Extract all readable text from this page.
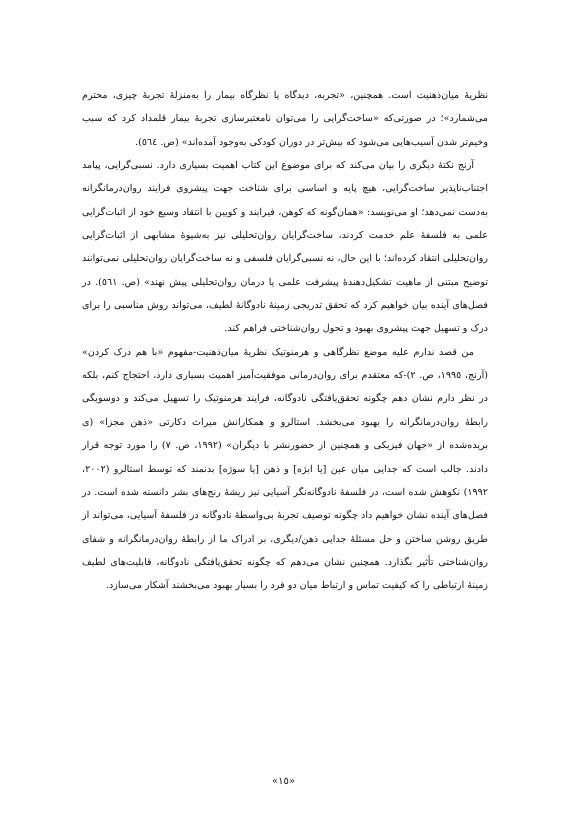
نظریهٔ میان‌ذهنیت است. همچنین، «تجربه، دیدگاه یا نظرگاه بیمار را به‌منزلهٔ تجربهٔ چیزی، محترم می‌شمارد»؛ در صورتی‌که «ساخت‌گرایی را می‌توان نامعتبرسازی تجربهٔ بیمار قلمداد کرد که سبب وخیم‌تر شدن آسیب‌هایی می‌شود که بیش‌تر در دوران کودکی به‌وجود آمده‌اند» (ص. ٥٦٤).

آرنج نکتهٔ دیگری را بیان می‌کند که برای موضوع این کتاب اهمیت بسیاری دارد. نسبی‌گرایی، پیامد اجتناب‌ناپذیر ساخت‌گرایی، هیچ پایه و اساسی برای شناخت جهت پیشروی فرایند روان‌درمانگرانه به‌دست نمی‌دهد؛ او می‌نویسد: «همان‌گونه که کوهن، فیرابند و کویین با انتقاد وسیع خود از اثبات‌گرایی علمی به فلسفهٔ علم خدمت کردند، ساخت‌گرایان روان‌تحلیلی نیز به‌شیوهٔ مشابهی از اثبات‌گرایی روان‌تحلیلی انتقاد کرده‌اند؛ با این حال، نه نسبی‌گرایان فلسفی و نه ساخت‌گرایان روان‌تحلیلی نمی‌توانند توضیح مبتنی از ماهیت تشکیل‌دهندهٔ پیشرفت علمی یا درمان روان‌تحلیلی پیش نهند» (ص. ٥٦١). در فصل‌های آینده بیان خواهیم کرد که تحقق تدریجی زمینهٔ نادوگانهٔ لطیف، می‌تواند روش مناسبی را برای درک و تسهیل جهت پیشروی بهبود و تحول روان‌شناختی فراهم کند.

من قصد ندارم علیه موضع نظرگاهی و هرمنوتیک نظریهٔ میان‌ذهنیت-مفهوم «با هم درک کردن» (آرنج، ١٩٩٥، ص. ٢)-که معتقدم برای روان‌درمانی موفقیت‌آمیز اهمیت بسیاری دارد، احتجاج کنم، بلکه در نظر دارم نشان دهم چگونه تحقق‌یافتگی نادوگانه، فرایند هرمنوتیک را تسهیل می‌کند و دوسویگی رابطهٔ روان‌درمانگرانه را بهبود می‌بخشد. استالرو و همکارانش میراث دکارتی «ذهن مجزا» (ی بریده‌شده از «جهان فیزیکی و همچنین از حضورنشر با دیگران» (١٩٩٢، ص. ٧) را مورد توجه قرار دادند. جالب است که جدایی میان عین [یا ابژه] و ذهن [یا سوژه] بدنمند که توسط استالرو (٢٠٠٢، ١٩٩٢) نکوهش شده است، در فلسفهٔ نادوگانه‌نگر آسیایی نیز ریشهٔ رنج‌های بشر دانسته شده است. در فصل‌های آینده نشان خواهیم داد چگونه توصیف تجربهٔ بی‌واسطهٔ نادوگانه در فلسفهٔ آسیایی، می‌تواند از طریق روشن ساختن و حل مسئلهٔ جدایی ذهن/دیگری، بر ادراک ما از رابطهٔ روان‌درمانگرانه و شفای روان‌شناختی تأثیر بگذارد. همچنین نشان می‌دهم که چگونه تحقق‌یافتگی نادوگانه، قابلیت‌های لطیف زمینهٔ ارتباطی را که کیفیت تماس و ارتباط میان دو فرد را بسیار بهبود می‌بخشند آشکار می‌سازد.

«١٥»
